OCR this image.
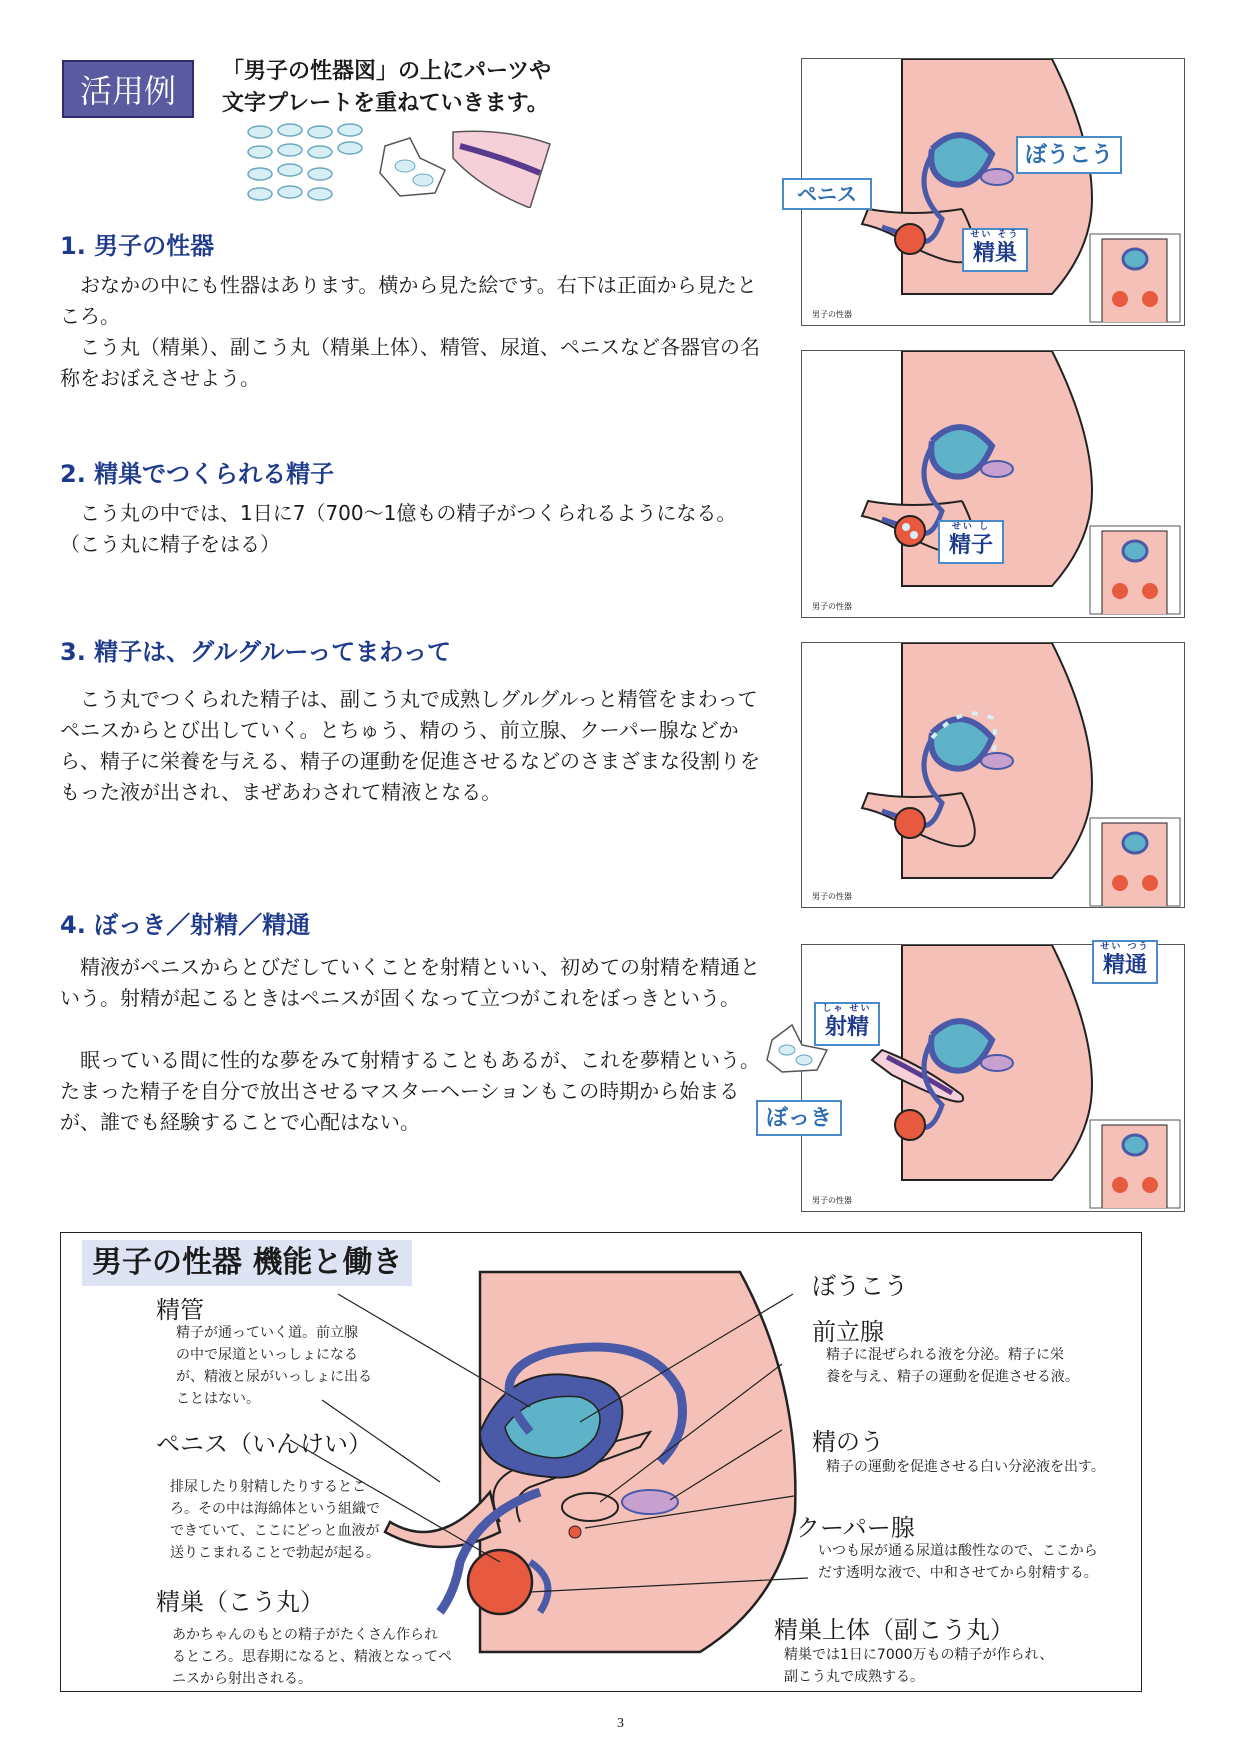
活用例
「男子の性器図」の上にパーツや
文字プレートを重ねていきます。
1. 男子の性器

おなかの中にも性器はあります。横から見た絵です。右下は正面から見たところ。

こう丸（精巣）、副こう丸（精巣上体）、精管、尿道、ペニスなど各器官の名称をおぼえさせよう。

2. 精巣でつくられる精子

こう丸の中では、1日に7（700～1億もの精子がつくられるようになる。（こう丸に精子をはる）

3. 精子は、グルグルーってまわって

こう丸でつくられた精子は、副こう丸で成熟しグルグルっと精管をまわってペニスからとび出していく。とちゅう、精のう、前立腺、クーパー腺などから、精子に栄養を与える、精子の運動を促進させるなどのさまざまな役割りをもった液が出され、まぜあわされて精液となる。

4. ぼっき／射精／精通

精液がペニスからとびだしていくことを射精といい、初めての射精を精通という。射精が起こるときはペニスが固くなって立つがこれをぼっきという。

眠っている間に性的な夢をみて射精することもあるが、これを夢精という。たまった精子を自分で放出させるマスターヘーションもこの時期から始まるが、誰でも経験することで心配はない。

男子の性器
ぼうこう
ペニス
せい そう
精巣
男子の性器
せい し
精子
男子の性器
男子の性器
せい つう
精通
しゃ せい
射精
ぼっき
男子の性器 機能と働き
精管
精子が通っていく道。前立腺
の中で尿道といっしょになる
が、精液と尿がいっしょに出る
ことはない。
ペニス（いんけい）
排尿したり射精したりするとこ
ろ。その中は海綿体という組織で
できていて、ここにどっと血液が
送りこまれることで勃起が起る。
精巣（こう丸）
あかちゃんのもとの精子がたくさん作られ
るところ。思春期になると、精液となってペ
ニスから射出される。
ぼうこう
前立腺
精子に混ぜられる液を分泌。精子に栄
養を与え、精子の運動を促進させる液。
精のう
精子の運動を促進させる白い分泌液を出す。
クーパー腺
いつも尿が通る尿道は酸性なので、ここから
だす透明な液で、中和させてから射精する。
精巣上体（副こう丸）
精巣では1日に7000万もの精子が作られ、
副こう丸で成熟する。
3
